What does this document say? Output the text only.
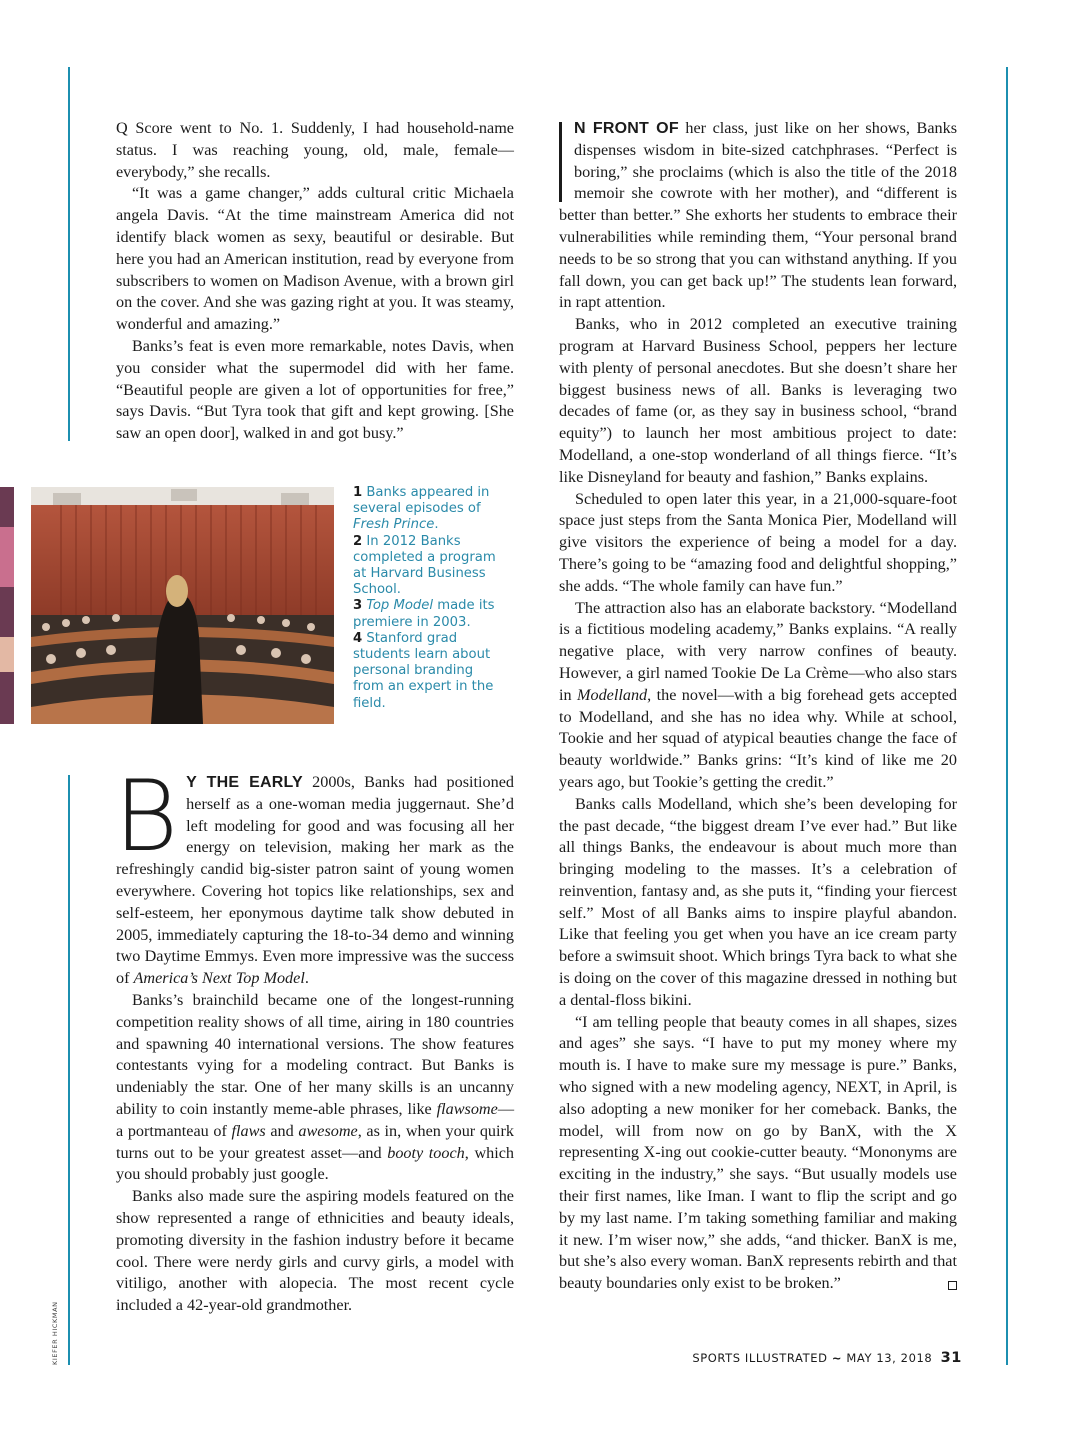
Q Score went to No. 1. Suddenly, I had household-name status. I was reaching young, old, male, female—everybody,” she recalls.

“It was a game changer,” adds cultural critic Michaela angela Davis. “At the time mainstream America did not identify black women as sexy, beautiful or desirable. But here you had an American institution, read by everyone from subscribers to women on Madison Avenue, with a brown girl on the cover. And she was gazing right at you. It was steamy, wonderful and amazing.”

Banks’s feat is even more remarkable, notes Davis, when you consider what the supermodel did with her fame. “Beautiful people are given a lot of opportunities for free,” says Davis. “But Tyra took that gift and kept growing. [She saw an open door], walked in and got busy.”

1 Banks appeared in several episodes of Fresh Prince.
2 In 2012 Banks completed a program at Harvard Business School.
3 Top Model made its premiere in 2003.
4 Stanford grad students learn about personal branding from an expert in the field.

B Y THE EARLY 2000s, Banks had positioned herself as a one-woman media juggernaut. She’d left modeling for good and was focusing all her energy on television, making her mark as the refreshingly candid big-sister patron saint of young women everywhere. Covering hot topics like relationships, sex and self-esteem, her eponymous daytime talk show debuted in 2005, immediately capturing the 18-to-34 demo and winning two Daytime Emmys. Even more impressive was the success of America’s Next Top Model.

Banks’s brainchild became one of the longest-running competition reality shows of all time, airing in 180 countries and spawning 40 international versions. The show features contestants vying for a modeling contract. But Banks is undeniably the star. One of her many skills is an uncanny ability to coin instantly meme-able phrases, like flawsome—a portmanteau of flaws and awesome, as in, when your quirk turns out to be your greatest asset—and booty tooch, which you should probably just google.

Banks also made sure the aspiring models featured on the show represented a range of ethnicities and beauty ideals, promoting diversity in the fashion industry before it became cool. There were nerdy girls and curvy girls, a model with vitiligo, another with alopecia. The most recent cycle included a 42-year-old grandmother.

N FRONT OF her class, just like on her shows, Banks dispenses wisdom in bite-sized catchphrases. “Perfect is boring,” she proclaims (which is also the title of the 2018 memoir she cowrote with her mother), and “different is better than better.” She exhorts her students to embrace their vulnerabilities while reminding them, “Your personal brand needs to be so strong that you can withstand anything. If you fall down, you can get back up!” The students lean forward, in rapt attention.

Banks, who in 2012 completed an executive training program at Harvard Business School, peppers her lecture with plenty of personal anecdotes. But she doesn’t share her biggest business news of all. Banks is leveraging two decades of fame (or, as they say in business school, “brand equity”) to launch her most ambitious project to date: Modelland, a one-stop wonderland of all things fierce. “It’s like Disneyland for beauty and fashion,” Banks explains.

Scheduled to open later this year, in a 21,000-square-foot space just steps from the Santa Monica Pier, Modelland will give visitors the experience of being a model for a day. There’s going to be “amazing food and delightful shopping,” she adds. “The whole family can have fun.”

The attraction also has an elaborate backstory. “Modelland is a fictitious modeling academy,” Banks explains. “A really negative place, with very narrow confines of beauty. However, a girl named Tookie De La Crème—who also stars in Modelland, the novel—with a big forehead gets accepted to Modelland, and she has no idea why. While at school, Tookie and her squad of atypical beauties change the face of beauty worldwide.” Banks grins: “It’s kind of like me 20 years ago, but Tookie’s getting the credit.”

Banks calls Modelland, which she’s been developing for the past decade, “the biggest dream I’ve ever had.” But like all things Banks, the endeavour is about much more than bringing modeling to the masses. It’s a celebration of reinvention, fantasy and, as she puts it, “finding your fiercest self.” Most of all Banks aims to inspire playful abandon. Like that feeling you get when you have an ice cream party before a swimsuit shoot. Which brings Tyra back to what she is doing on the cover of this magazine dressed in nothing but a dental-floss bikini.

“I am telling people that beauty comes in all shapes, sizes and ages” she says. “I have to put my money where my mouth is. I have to make sure my message is pure.” Banks, who signed with a new modeling agency, NEXT, in April, is also adopting a new moniker for her comeback. Banks, the model, will from now on go by BanX, with the X representing X-ing out cookie-cutter beauty. “Mononyms are exciting in the industry,” she says. “But usually models use their first names, like Iman. I want to flip the script and go by my last name. I’m taking something familiar and making it new. I’m wiser now,” she adds, “and thicker. BanX is me, but she’s also every woman. BanX represents rebirth and that beauty boundaries only exist to be broken.”

KIEFER HICKMAN	SPORTS ILLUSTRATED ~ MAY 13, 2018 31
